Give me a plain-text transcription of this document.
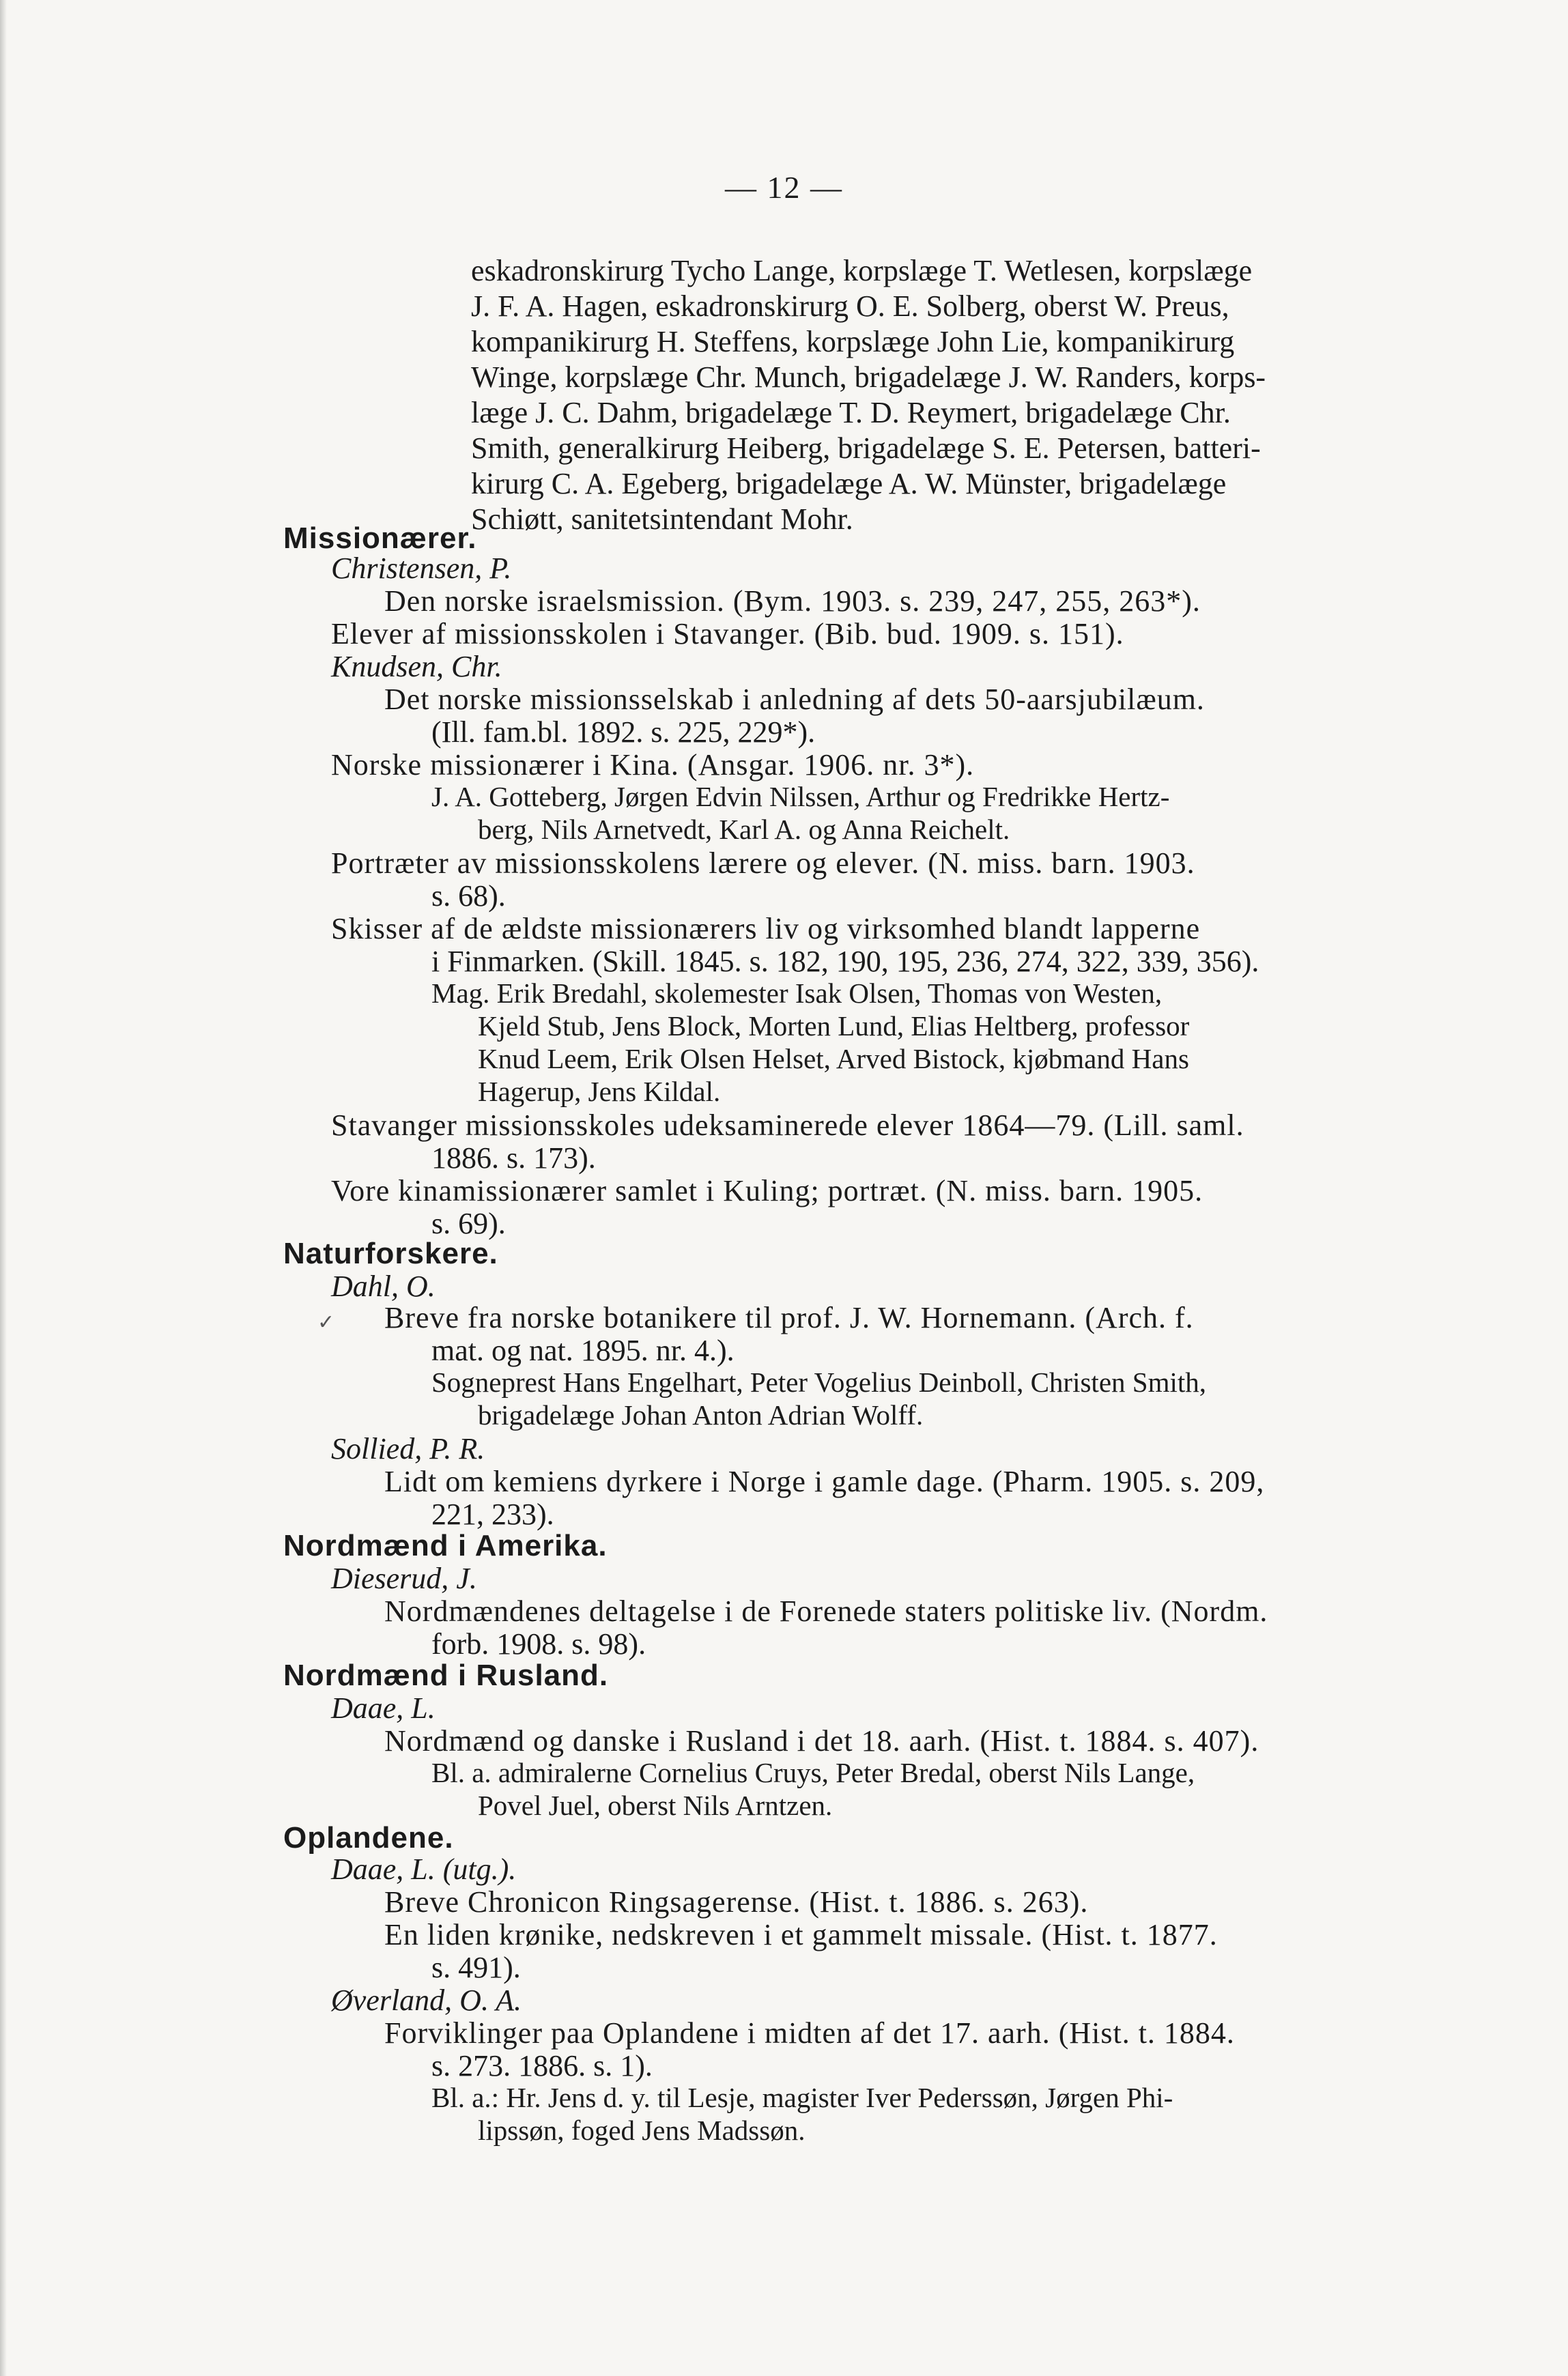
— 12 —
eskadronskirurg Tycho Lange, korpslæge T. Wetlesen, korpslæge
J. F. A. Hagen, eskadronskirurg O. E. Solberg, oberst W. Preus,
kompanikirurg H. Steffens, korpslæge John Lie, kompanikirurg
Winge, korpslæge Chr. Munch, brigadelæge J. W. Randers, korps-
læge J. C. Dahm, brigadelæge T. D. Reymert, brigadelæge Chr.
Smith, generalkirurg Heiberg, brigadelæge S. E. Petersen, batteri-
kirurg C. A. Egeberg, brigadelæge A. W. Münster, brigadelæge
Schiøtt, sanitetsintendant Mohr.
Missionærer.
Christensen, P.
Den norske israelsmission. (Bym. 1903. s. 239, 247, 255, 263*).
Elever af missionsskolen i Stavanger. (Bib. bud. 1909. s. 151).
Knudsen, Chr.
Det norske missionsselskab i anledning af dets 50-aarsjubilæum.
(Ill. fam.bl. 1892. s. 225, 229*).
Norske missionærer i Kina. (Ansgar. 1906. nr. 3*).
J. A. Gotteberg, Jørgen Edvin Nilssen, Arthur og Fredrikke Hertz-
berg, Nils Arnetvedt, Karl A. og Anna Reichelt.
Portræter av missionsskolens lærere og elever. (N. miss. barn. 1903.
s. 68).
Skisser af de ældste missionærers liv og virksomhed blandt lapperne
i Finmarken. (Skill. 1845. s. 182, 190, 195, 236, 274, 322, 339, 356).
Mag. Erik Bredahl, skolemester Isak Olsen, Thomas von Westen,
Kjeld Stub, Jens Block, Morten Lund, Elias Heltberg, professor
Knud Leem, Erik Olsen Helset, Arved Bistock, kjøbmand Hans
Hagerup, Jens Kildal.
Stavanger missionsskoles udeksaminerede elever 1864—79. (Lill. saml.
1886. s. 173).
Vore kinamissionærer samlet i Kuling; portræt. (N. miss. barn. 1905.
s. 69).
Naturforskere.
Dahl, O.
Breve fra norske botanikere til prof. J. W. Hornemann. (Arch. f.
✓
mat. og nat. 1895. nr. 4.).
Sogneprest Hans Engelhart, Peter Vogelius Deinboll, Christen Smith,
brigadelæge Johan Anton Adrian Wolff.
Sollied, P. R.
Lidt om kemiens dyrkere i Norge i gamle dage. (Pharm. 1905. s. 209,
221, 233).
Nordmænd i Amerika.
Dieserud, J.
Nordmændenes deltagelse i de Forenede staters politiske liv. (Nordm.
forb. 1908. s. 98).
Nordmænd i Rusland.
Daae, L.
Nordmænd og danske i Rusland i det 18. aarh. (Hist. t. 1884. s. 407).
Bl. a. admiralerne Cornelius Cruys, Peter Bredal, oberst Nils Lange,
Povel Juel, oberst Nils Arntzen.
Oplandene.
Daae, L. (utg.).
Breve Chronicon Ringsagerense. (Hist. t. 1886. s. 263).
En liden krønike, nedskreven i et gammelt missale. (Hist. t. 1877.
s. 491).
Øverland, O. A.
Forviklinger paa Oplandene i midten af det 17. aarh. (Hist. t. 1884.
s. 273. 1886. s. 1).
Bl. a.: Hr. Jens d. y. til Lesje, magister Iver Pederssøn, Jørgen Phi-
lipssøn, foged Jens Madssøn.
